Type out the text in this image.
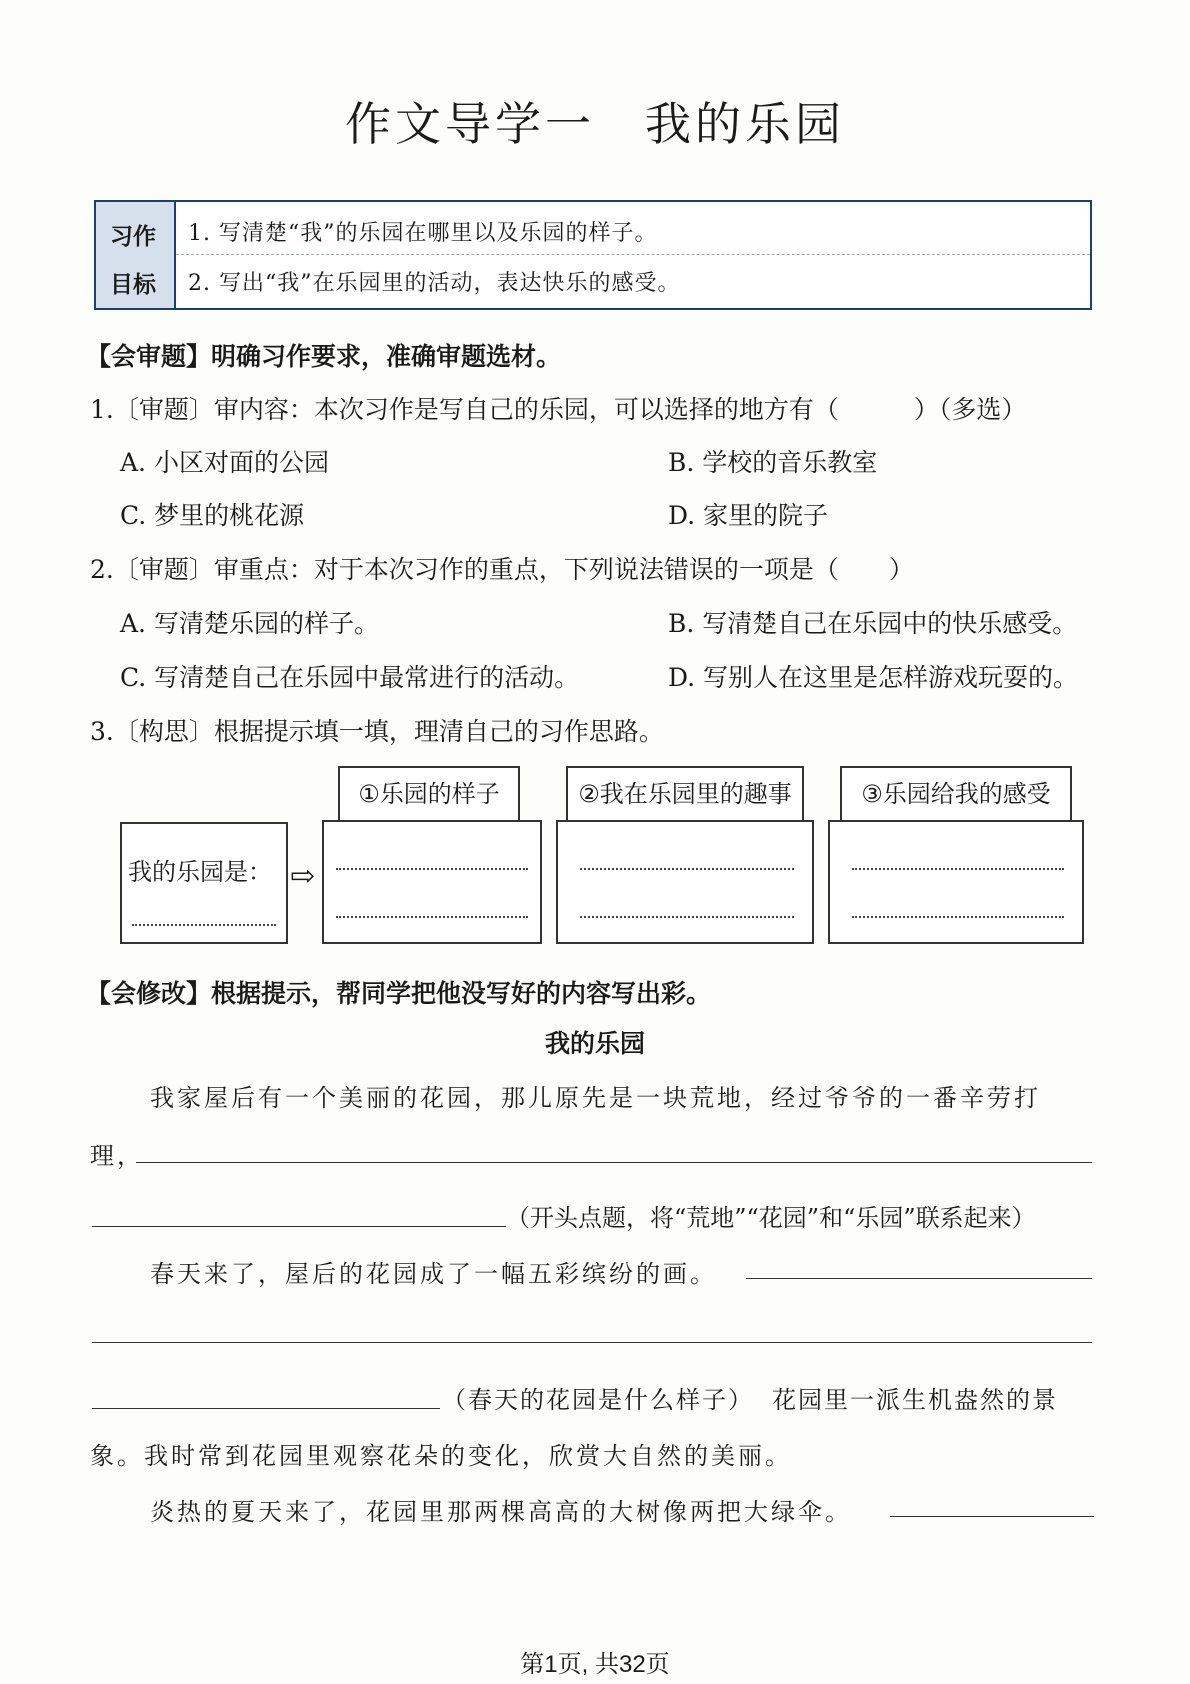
作文导学一 我的乐园
习作
目标
1. 写清楚“我”的乐园在哪里以及乐园的样子。
2. 写出“我”在乐园里的活动，表达快乐的感受。
【会审题】明确习作要求，准确审题选材。
1.〔审题〕审内容：本次习作是写自己的乐园，可以选择的地方有（　　　）（多选）
A. 小区对面的公园	B. 学校的音乐教室
C. 梦里的桃花源	D. 家里的院子
2.〔审题〕审重点：对于本次习作的重点，下列说法错误的一项是（　　）
A. 写清楚乐园的样子。	B. 写清楚自己在乐园中的快乐感受。
C. 写清楚自己在乐园中最常进行的活动。	D. 写别人在这里是怎样游戏玩耍的。
3.〔构思〕根据提示填一填，理清自己的习作思路。
我的乐园是： ⇨
①乐园的样子	②我在乐园里的趣事	③乐园给我的感受
【会修改】根据提示，帮同学把他没写好的内容写出彩。
我的乐园
我家屋后有一个美丽的花园，那儿原先是一块荒地，经过爷爷的一番辛劳打
理，
（开头点题，将“荒地”“花园”和“乐园”联系起来）
春天来了，屋后的花园成了一幅五彩缤纷的画。
（春天的花园是什么样子） 花园里一派生机盎然的景
象。我时常到花园里观察花朵的变化，欣赏大自然的美丽。
炎热的夏天来了，花园里那两棵高高的大树像两把大绿伞。
第1页, 共32页
